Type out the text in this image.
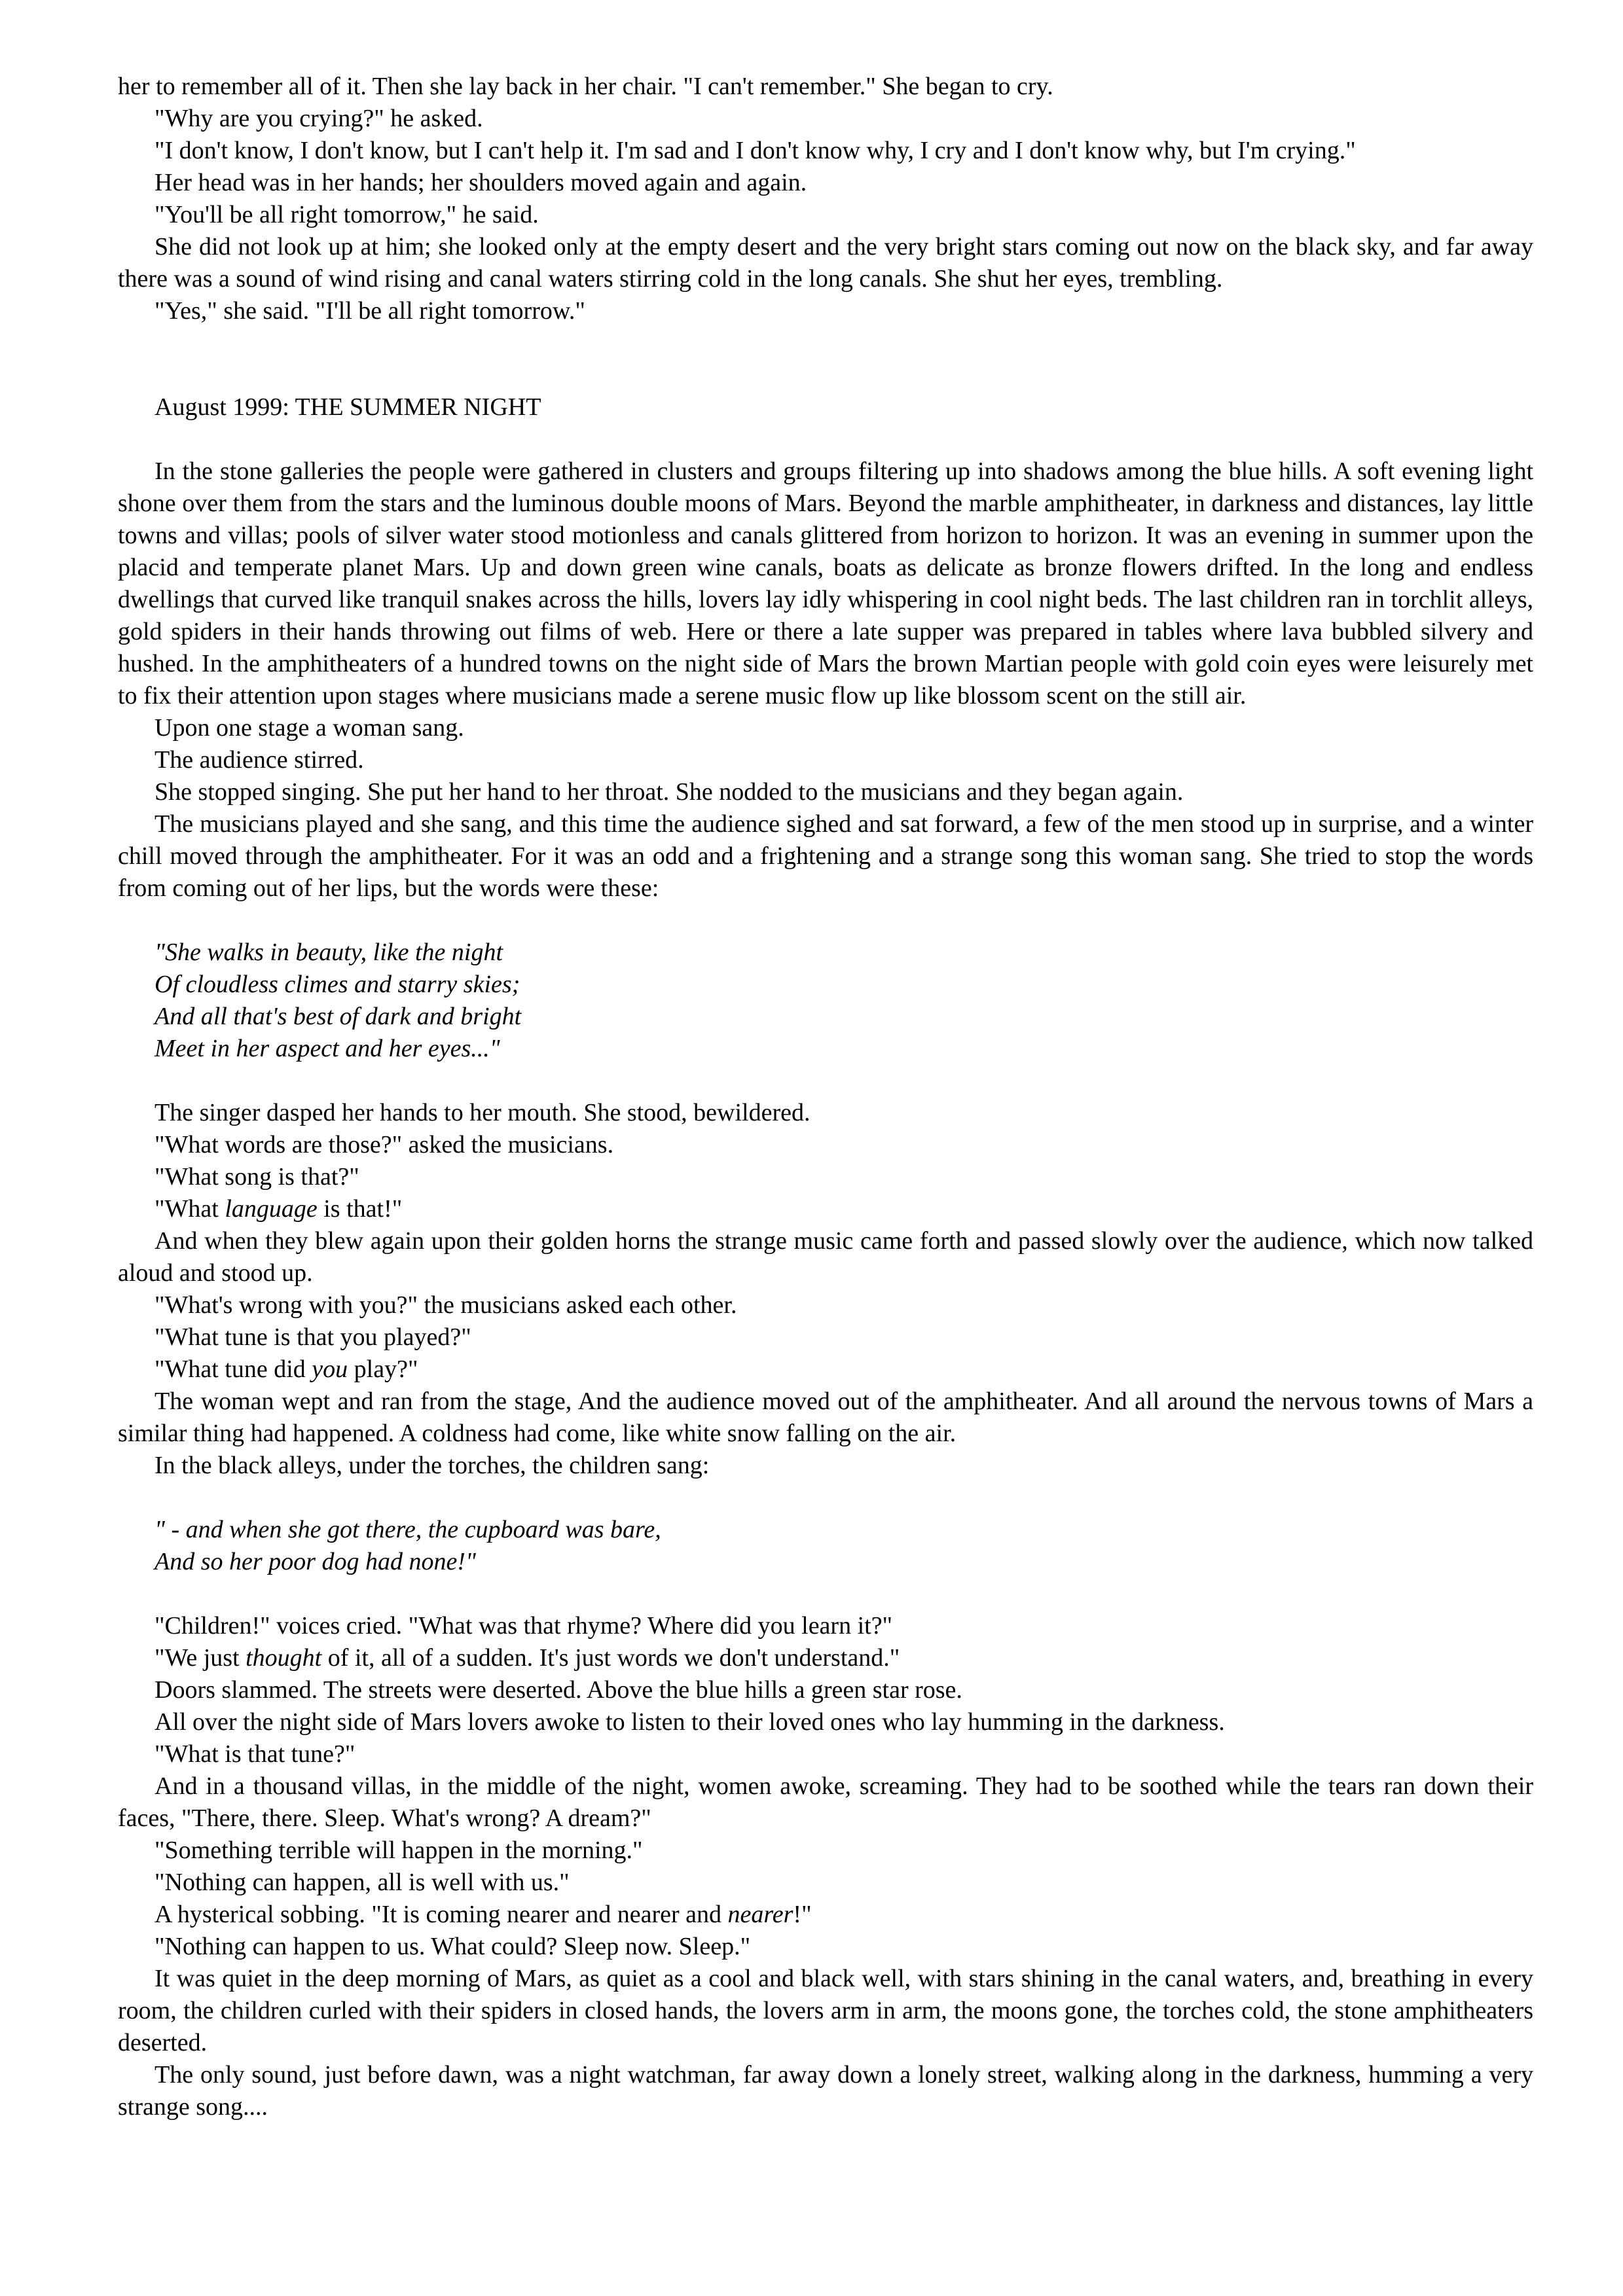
her to remember all of it. Then she lay back in her chair. "I can't remember." She began to cry.

"Why are you crying?" he asked.

"I don't know, I don't know, but I can't help it. I'm sad and I don't know why, I cry and I don't know why, but I'm crying."

Her head was in her hands; her shoulders moved again and again.

"You'll be all right tomorrow," he said.

She did not look up at him; she looked only at the empty desert and the very bright stars coming out now on the black sky, and far away there was a sound of wind rising and canal waters stirring cold in the long canals. She shut her eyes, trembling.

"Yes," she said. "I'll be all right tomorrow."

August 1999: THE SUMMER NIGHT

In the stone galleries the people were gathered in clusters and groups filtering up into shadows among the blue hills. A soft evening light shone over them from the stars and the luminous double moons of Mars. Beyond the marble amphitheater, in darkness and distances, lay little towns and villas; pools of silver water stood motionless and canals glittered from horizon to horizon. It was an evening in summer upon the placid and temperate planet Mars. Up and down green wine canals, boats as delicate as bronze flowers drifted. In the long and endless dwellings that curved like tranquil snakes across the hills, lovers lay idly whispering in cool night beds. The last children ran in torchlit alleys, gold spiders in their hands throwing out films of web. Here or there a late supper was prepared in tables where lava bubbled silvery and hushed. In the amphitheaters of a hundred towns on the night side of Mars the brown Martian people with gold coin eyes were leisurely met to fix their attention upon stages where musicians made a serene music flow up like blossom scent on the still air.

Upon one stage a woman sang.

The audience stirred.

She stopped singing. She put her hand to her throat. She nodded to the musicians and they began again.

The musicians played and she sang, and this time the audience sighed and sat forward, a few of the men stood up in surprise, and a winter chill moved through the amphitheater. For it was an odd and a frightening and a strange song this woman sang. She tried to stop the words from coming out of her lips, but the words were these:

"She walks in beauty, like the night

Of cloudless climes and starry skies;

And all that's best of dark and bright

Meet in her aspect and her eyes..."

The singer dasped her hands to her mouth. She stood, bewildered.

"What words are those?" asked the musicians.

"What song is that?"

"What language is that!"

And when they blew again upon their golden horns the strange music came forth and passed slowly over the audience, which now talked aloud and stood up.

"What's wrong with you?" the musicians asked each other.

"What tune is that you played?"

"What tune did you play?"

The woman wept and ran from the stage, And the audience moved out of the amphitheater. And all around the nervous towns of Mars a similar thing had happened. A coldness had come, like white snow falling on the air.

In the black alleys, under the torches, the children sang:

" - and when she got there, the cupboard was bare,

And so her poor dog had none!"

"Children!" voices cried. "What was that rhyme? Where did you learn it?"

"We just thought of it, all of a sudden. It's just words we don't understand."

Doors slammed. The streets were deserted. Above the blue hills a green star rose.

All over the night side of Mars lovers awoke to listen to their loved ones who lay humming in the darkness.

"What is that tune?"

And in a thousand villas, in the middle of the night, women awoke, screaming. They had to be soothed while the tears ran down their faces, "There, there. Sleep. What's wrong? A dream?"

"Something terrible will happen in the morning."

"Nothing can happen, all is well with us."

A hysterical sobbing. "It is coming nearer and nearer and nearer!"

"Nothing can happen to us. What could? Sleep now. Sleep."

It was quiet in the deep morning of Mars, as quiet as a cool and black well, with stars shining in the canal waters, and, breathing in every room, the children curled with their spiders in closed hands, the lovers arm in arm, the moons gone, the torches cold, the stone amphitheaters deserted.

The only sound, just before dawn, was a night watchman, far away down a lonely street, walking along in the darkness, humming a very strange song....
